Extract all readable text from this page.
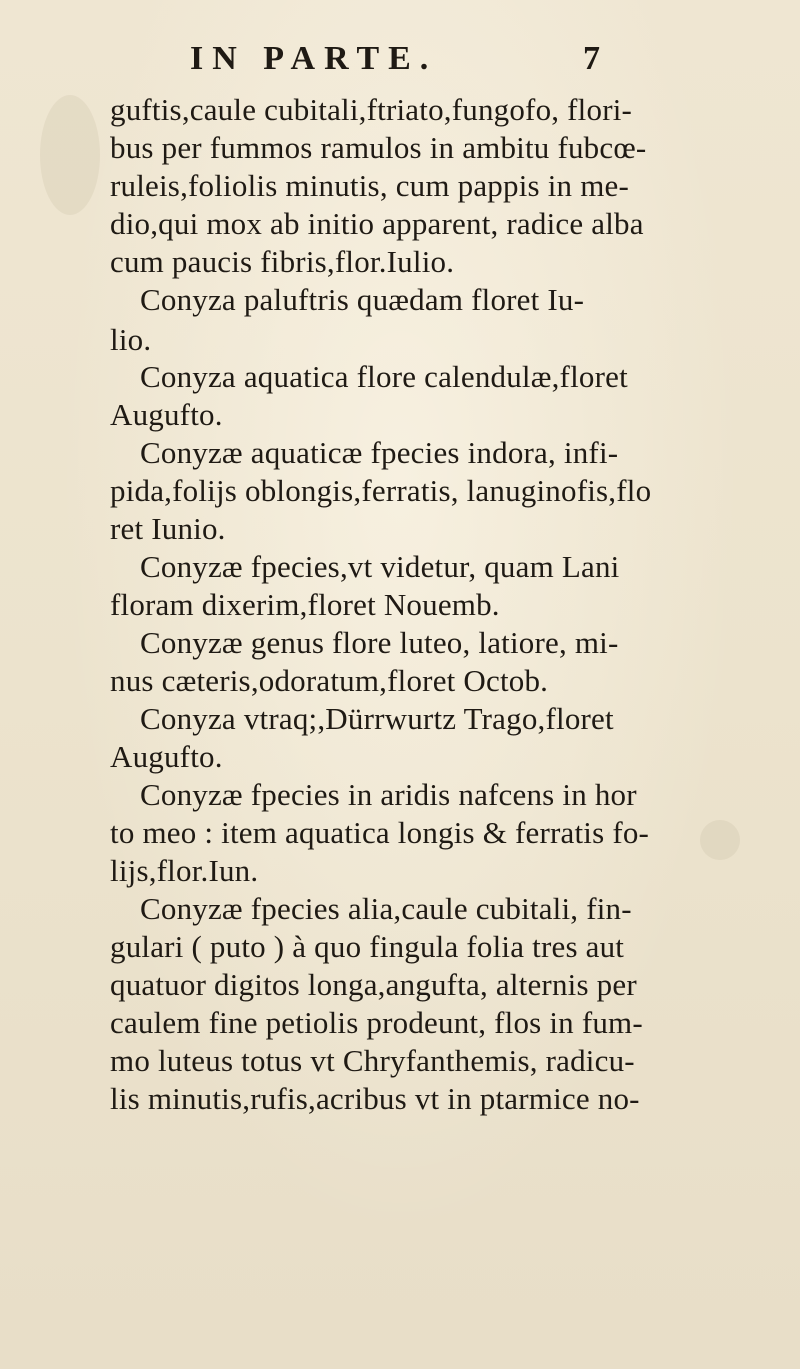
IN PARTE.	7
guftis,caule cubitali,ftriato,fungofo, flori-
bus per fummos ramulos in ambitu fubcœ-
ruleis,foliolis minutis, cum pappis in me-
dio,qui mox ab initio apparent, radice alba
cum paucis fibris,flor.Iulio.
Conyza paluftris quædam floret Iu-
lio.
Conyza aquatica flore calendulæ,floret
Augufto.
Conyzæ aquaticæ fpecies indora, infi-
pida,folijs oblongis,ferratis, lanuginofis,flo
ret Iunio.
Conyzæ fpecies,vt videtur, quam Lani
floram dixerim,floret Nouemb.
Conyzæ genus flore luteo, latiore, mi-
nus cæteris,odoratum,floret Octob.
Conyza vtraq;,Dürrwurtz Trago,floret
Augufto.
Conyzæ fpecies in aridis nafcens in hor
to meo : item aquatica longis & ferratis fo-
lijs,flor.Iun.
Conyzæ fpecies alia,caule cubitali, fin-
gulari ( puto ) à quo fingula folia tres aut
quatuor digitos longa,angufta, alternis per
caulem fine petiolis prodeunt, flos in fum-
mo luteus totus vt Chryfanthemis, radicu-
lis minutis,rufis,acribus vt in ptarmice no-
